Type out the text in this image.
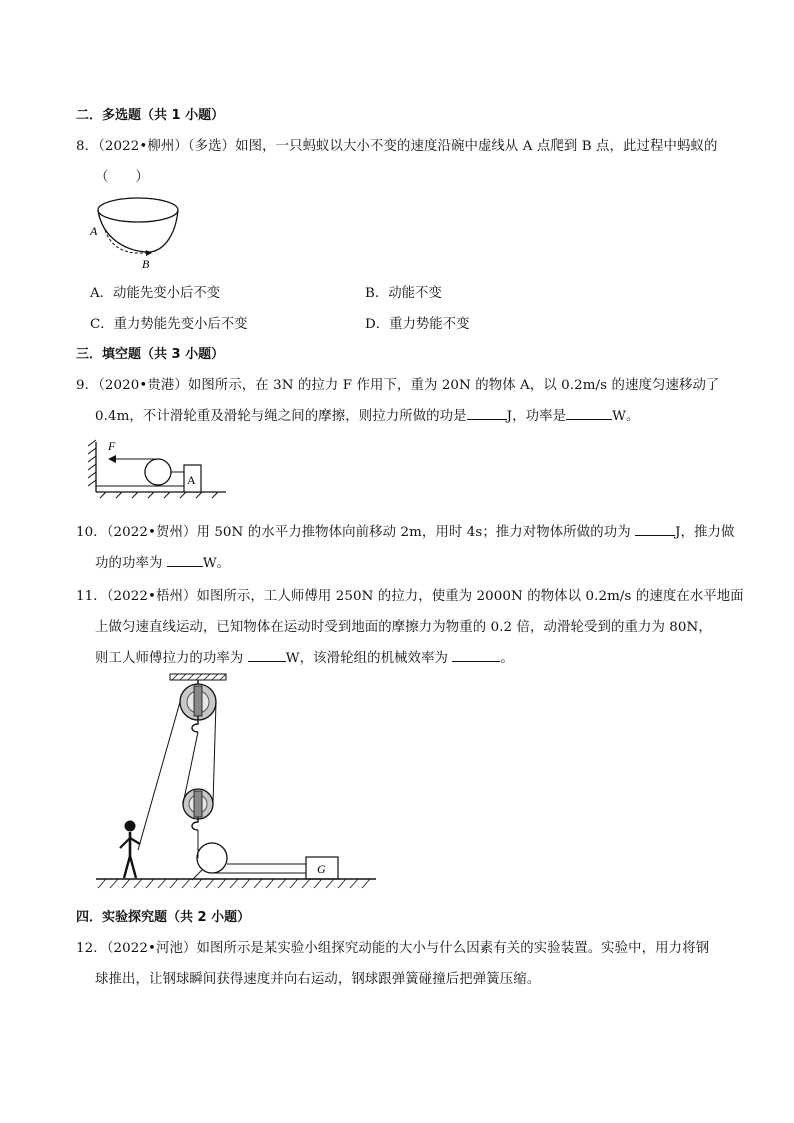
二．多选题（共 1 小题）
8．（2022•柳州）（多选）如图，一只蚂蚁以大小不变的速度沿碗中虚线从 A 点爬到 B 点，此过程中蚂蚁的
（　　）
A
B
A．动能先变小后不变	B．动能不变
C．重力势能先变小后不变	D．重力势能不变
三．填空题（共 3 小题）
9．（2020•贵港）如图所示，在 3N 的拉力 F 作用下，重为 20N 的物体 A，以 0.2m/s 的速度匀速移动了
0.4m，不计滑轮重及滑轮与绳之间的摩擦，则拉力所做的功是	J，功率是	W。
F
A
10．（2022•贺州）用 50N 的水平力推物体向前移动 2m，用时 4s；推力对物体所做的功为	J，推力做
功的功率为	W。
11．（2022•梧州）如图所示，工人师傅用 250N 的拉力，使重为 2000N 的物体以 0.2m/s 的速度在水平地面
上做匀速直线运动，已知物体在运动时受到地面的摩擦力为物重的 0.2 倍，动滑轮受到的重力为 80N，
则工人师傅拉力的功率为	W，该滑轮组的机械效率为	。
G
四．实验探究题（共 2 小题）
12．（2022•河池）如图所示是某实验小组探究动能的大小与什么因素有关的实验装置。实验中，用力将钢
球推出，让钢球瞬间获得速度并向右运动，钢球跟弹簧碰撞后把弹簧压缩。
